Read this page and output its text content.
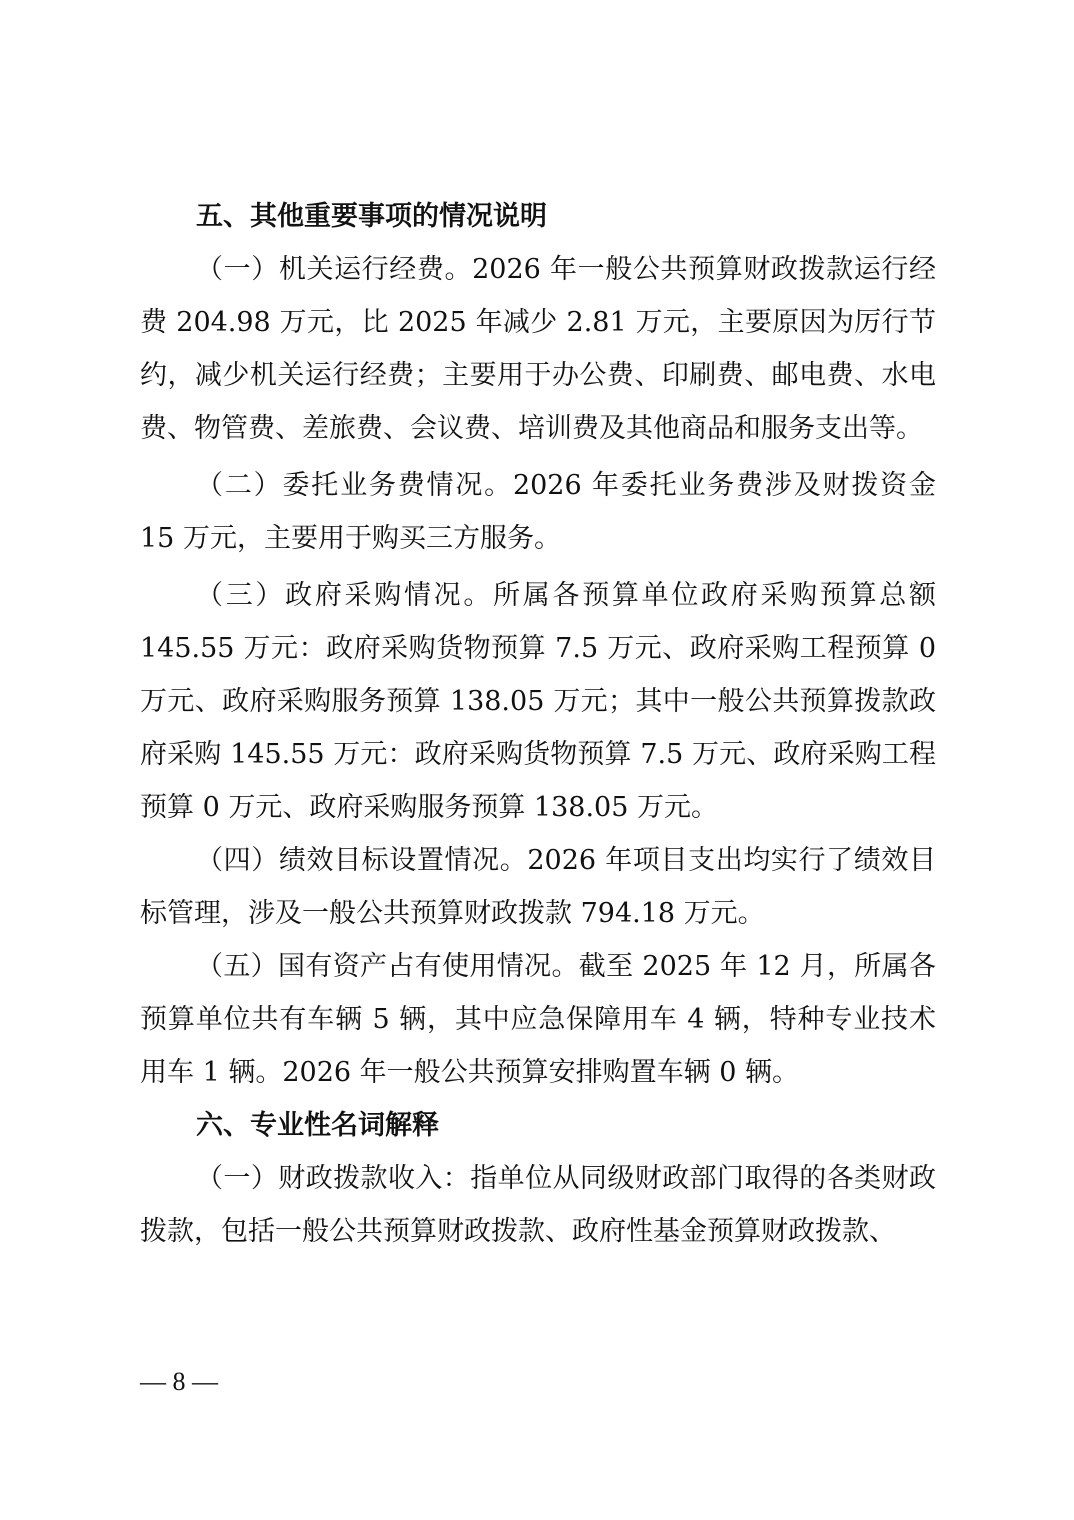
五、其他重要事项的情况说明

（一）机关运行经费。2026 年一般公共预算财政拨款运行经费 204.98 万元，比 2025 年减少 2.81 万元，主要原因为厉行节约，减少机关运行经费；主要用于办公费、印刷费、邮电费、水电费、物管费、差旅费、会议费、培训费及其他商品和服务支出等。

（二）委托业务费情况。2026 年委托业务费涉及财拨资金 15 万元，主要用于购买三方服务。

（三）政府采购情况。所属各预算单位政府采购预算总额 145.55 万元：政府采购货物预算 7.5 万元、政府采购工程预算 0 万元、政府采购服务预算 138.05 万元；其中一般公共预算拨款政府采购 145.55 万元：政府采购货物预算 7.5 万元、政府采购工程预算 0 万元、政府采购服务预算 138.05 万元。

（四）绩效目标设置情况。2026 年项目支出均实行了绩效目标管理，涉及一般公共预算财政拨款 794.18 万元。

（五）国有资产占有使用情况。截至 2025 年 12 月，所属各预算单位共有车辆 5 辆，其中应急保障用车 4 辆，特种专业技术用车 1 辆。2026 年一般公共预算安排购置车辆 0 辆。

六、专业性名词解释

（一）财政拨款收入：指单位从同级财政部门取得的各类财政拨款，包括一般公共预算财政拨款、政府性基金预算财政拨款、

— 8 —
